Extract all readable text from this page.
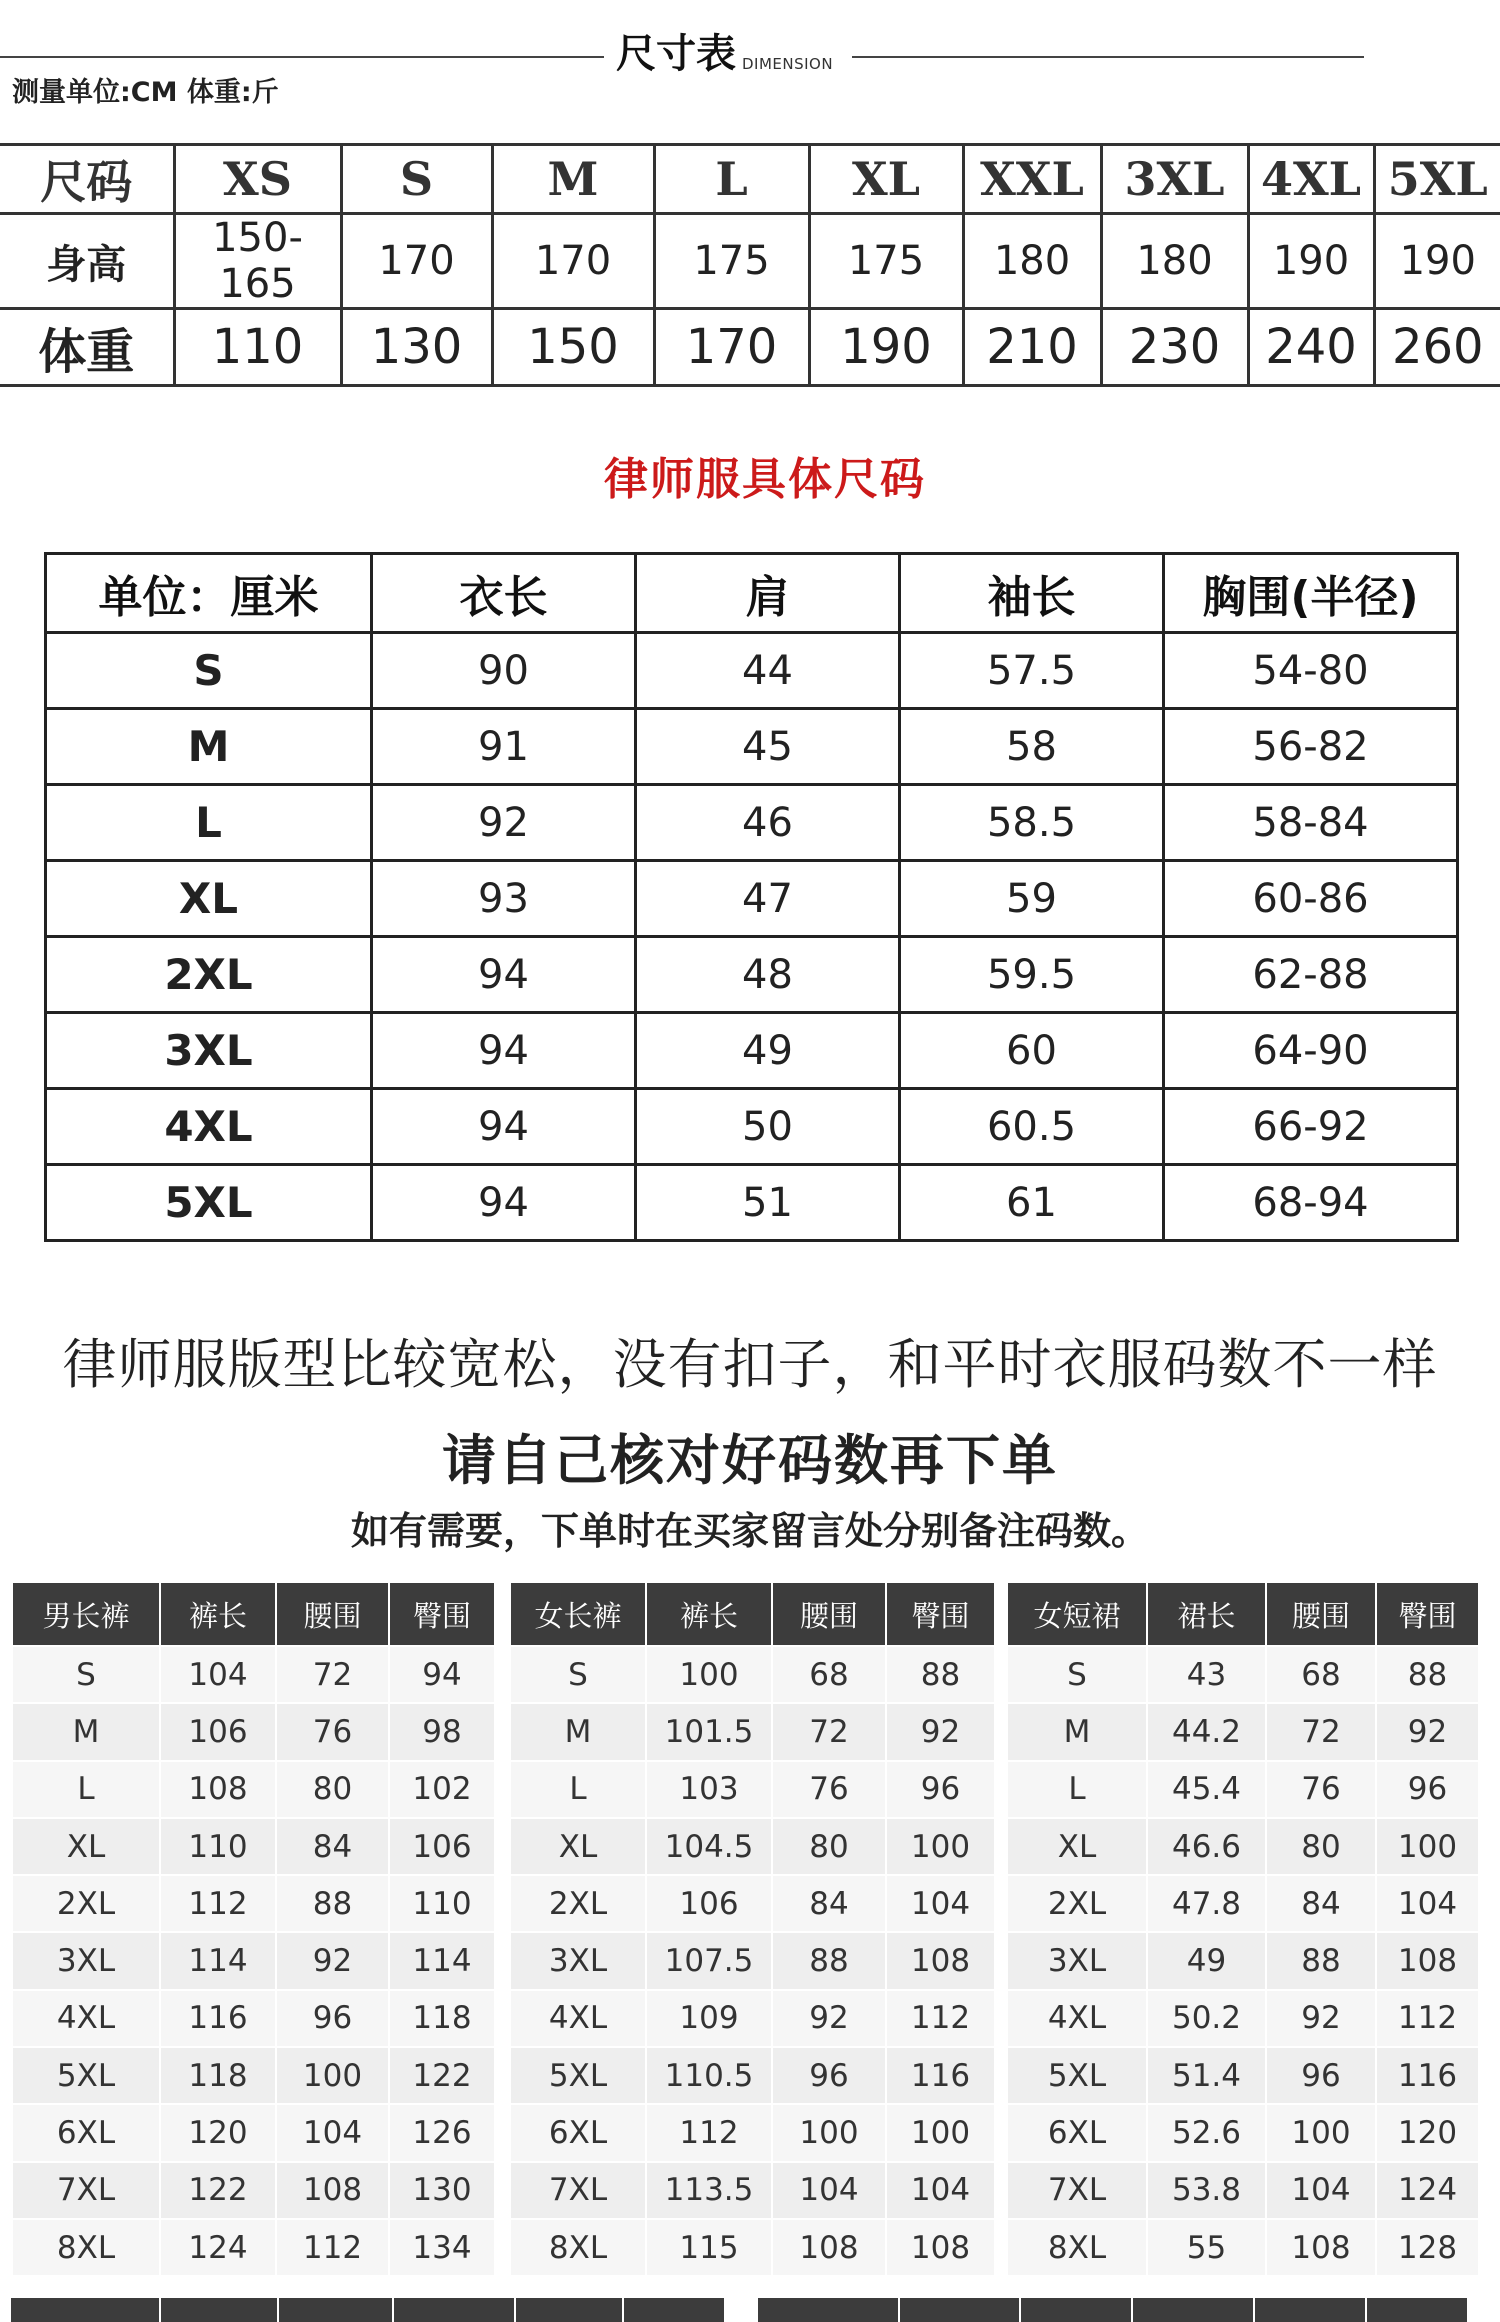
尺寸表 DIMENSION
测量单位:CM 体重:斤
尺码	XS	S	M	L	XL	XXL	3XL	4XL	5XL
身高	150-165	170	170	175	175	180	180	190	190
体重	110	130	150	170	190	210	230	240	260
律师服具体尺码
单位：厘米	衣长	肩	袖长	胸围(半径)
S	90	44	57.5	54-80
M	91	45	58	56-82
L	92	46	58.5	58-84
XL	93	47	59	60-86
2XL	94	48	59.5	62-88
3XL	94	49	60	64-90
4XL	94	50	60.5	66-92
5XL	94	51	61	68-94
律师服版型比较宽松，没有扣子，和平时衣服码数不一样
请自己核对好码数再下单
如有需要，下单时在买家留言处分别备注码数。
男长裤	裤长	腰围	臀围
S	104	72	94
M	106	76	98
L	108	80	102
XL	110	84	106
2XL	112	88	110
3XL	114	92	114
4XL	116	96	118
5XL	118	100	122
6XL	120	104	126
7XL	122	108	130
8XL	124	112	134
女长裤	裤长	腰围	臀围
S	100	68	88
M	101.5	72	92
L	103	76	96
XL	104.5	80	100
2XL	106	84	104
3XL	107.5	88	108
4XL	109	92	112
5XL	110.5	96	116
6XL	112	100	100
7XL	113.5	104	104
8XL	115	108	108
女短裙	裙长	腰围	臀围
S	43	68	88
M	44.2	72	92
L	45.4	76	96
XL	46.6	80	100
2XL	47.8	84	104
3XL	49	88	108
4XL	50.2	92	112
5XL	51.4	96	116
6XL	52.6	100	120
7XL	53.8	104	124
8XL	55	108	128
